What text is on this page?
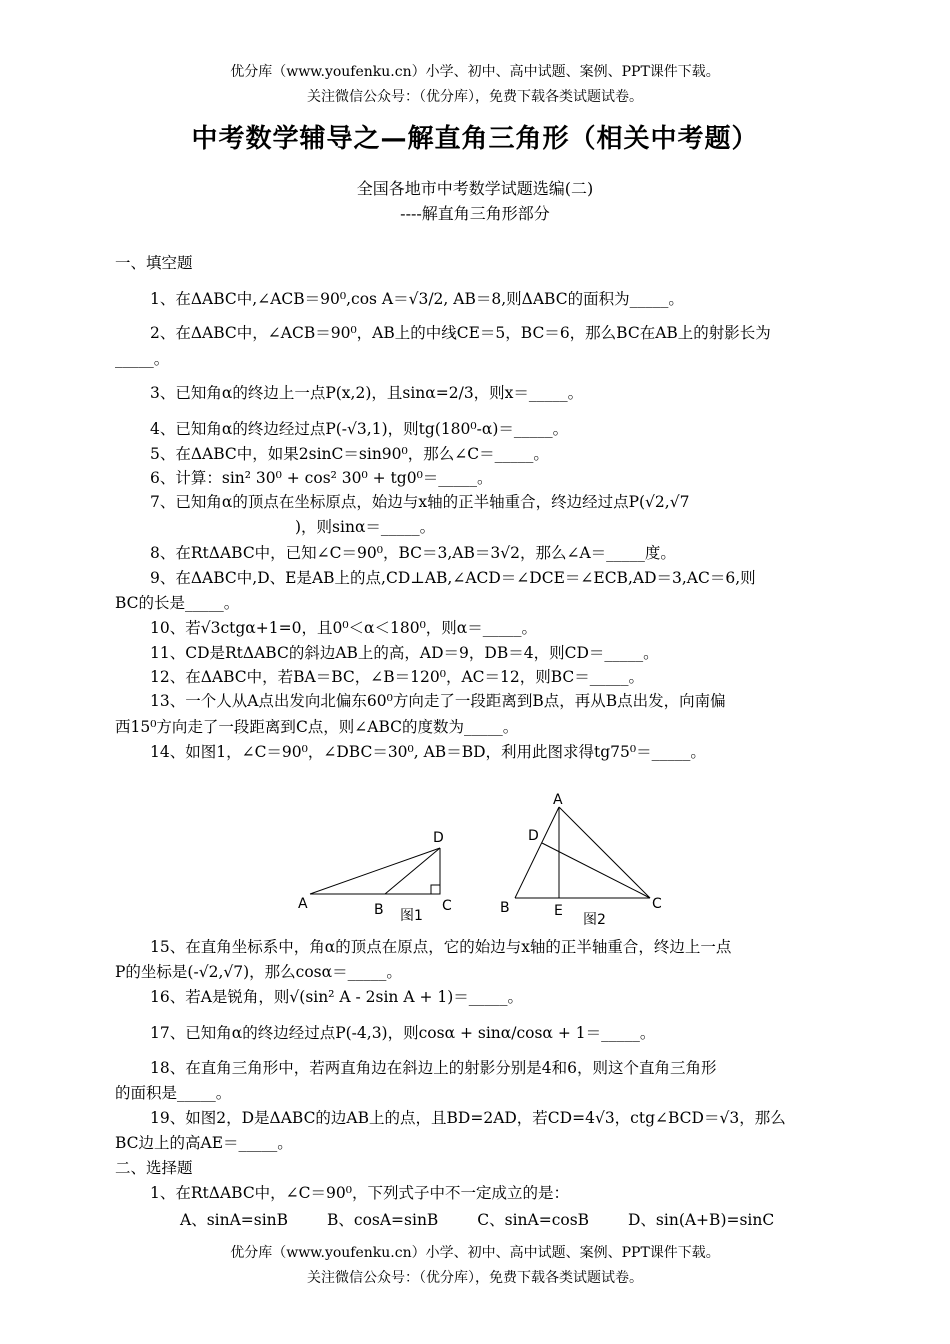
优分库（www.youfenku.cn）小学、初中、高中试题、案例、PPT课件下载。
关注微信公众号：（优分库），免费下载各类试题试卷。
中考数学辅导之—解直角三角形（相关中考题）
全国各地市中考数学试题选编(二)
----解直角三角形部分
一、填空题
1、在ΔABC中,∠ACB＝90⁰,cos A＝√3/2, AB＝8,则ΔABC的面积为_____。
2、在ΔABC中，∠ACB＝90⁰，AB上的中线CE＝5，BC＝6，那么BC在AB上的射影长为
_____。
3、已知角α的终边上一点P(x,2)，且sinα=2/3，则x＝_____。
4、已知角α的终边经过点P(-√3,1)，则tg(180⁰-α)＝_____。
5、在ΔABC中，如果2sinC＝sin90⁰，那么∠C＝_____。
6、计算：sin² 30⁰ + cos² 30⁰ + tg0⁰＝_____。
7、已知角α的顶点在坐标原点，始边与x轴的正半轴重合，终边经过点P(√2,√7
)，则sinα＝_____。
8、在RtΔABC中，已知∠C＝90⁰，BC＝3,AB＝3√2，那么∠A＝_____度。
9、在ΔABC中,D、E是AB上的点,CD⊥AB,∠ACD＝∠DCE＝∠ECB,AD＝3,AC＝6,则
BC的长是_____。
10、若√3ctgα+1=0，且0⁰＜α＜180⁰，则α＝_____。
11、CD是RtΔABC的斜边AB上的高，AD＝9，DB＝4，则CD＝_____。
12、在ΔABC中，若BA＝BC，∠B＝120⁰，AC＝12，则BC＝_____。
13、一个人从A点出发向北偏东60⁰方向走了一段距离到B点，再从B点出发，向南偏
西15⁰方向走了一段距离到C点，则∠ABC的度数为_____。
14、如图1，∠C＝90⁰，∠DBC＝30⁰, AB＝BD，利用此图求得tg75⁰＝_____。
A	B	C
D
图1
A
B	C
D
E
图2
15、在直角坐标系中，角α的顶点在原点，它的始边与x轴的正半轴重合，终边上一点
P的坐标是(-√2,√7)，那么cosα＝_____。
16、若A是锐角，则√(sin² A - 2sin A + 1)＝_____。
17、已知角α的终边经过点P(-4,3)，则cosα + sinα/cosα + 1＝_____。
18、在直角三角形中，若两直角边在斜边上的射影分别是4和6，则这个直角三角形
的面积是_____。
19、如图2，D是ΔABC的边AB上的点，且BD=2AD，若CD=4√3，ctg∠BCD＝√3，那么
BC边上的高AE＝_____。
二、选择题
1、在RtΔABC中，∠C＝90⁰，下列式子中不一定成立的是：
A、sinA=sinB	B、cosA=sinB	C、sinA=cosB	D、sin(A+B)=sinC
优分库（www.youfenku.cn）小学、初中、高中试题、案例、PPT课件下载。
关注微信公众号：（优分库），免费下载各类试题试卷。
